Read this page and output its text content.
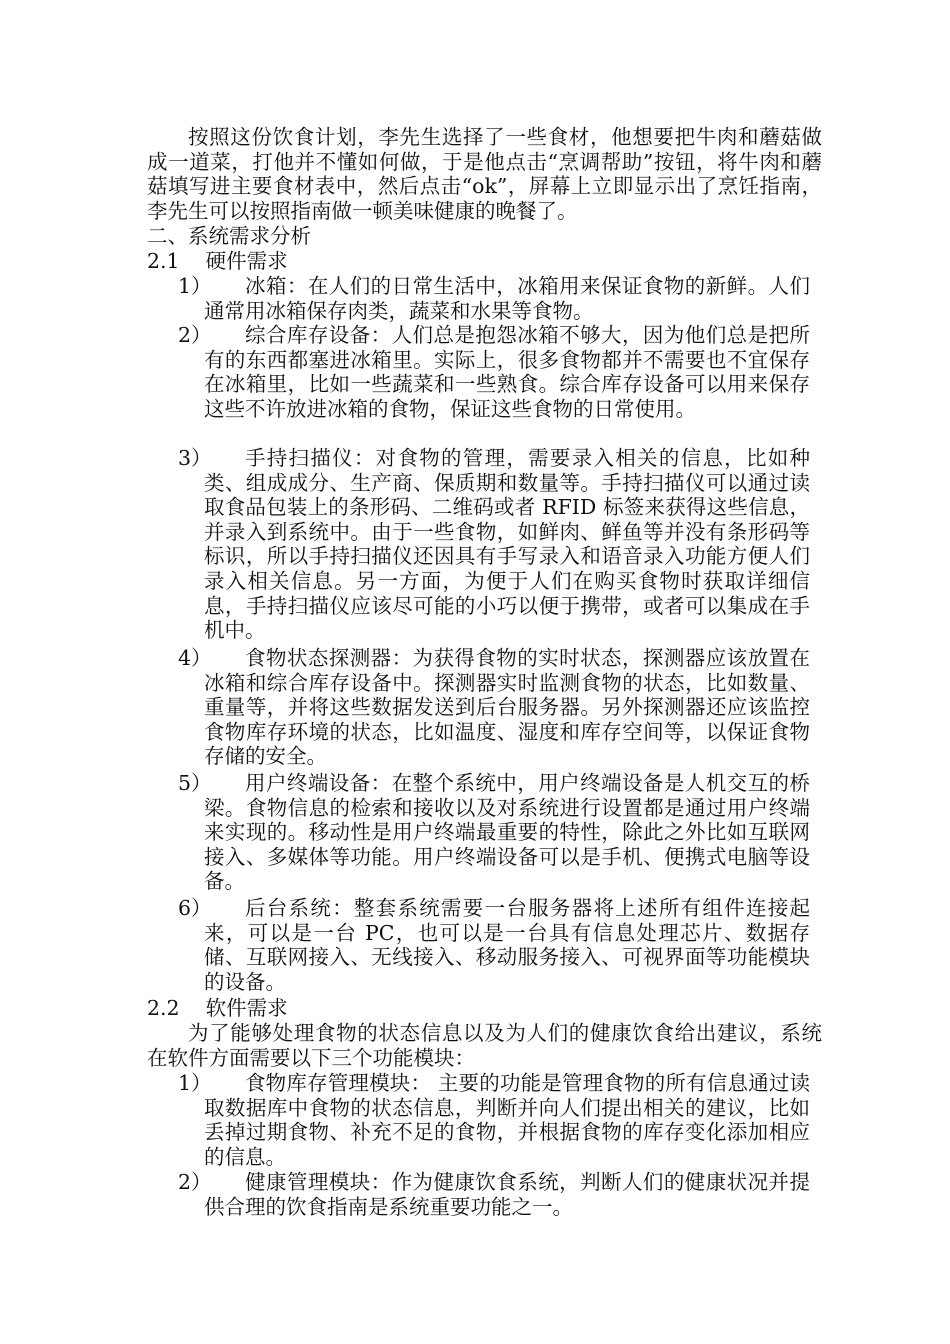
按照这份饮食计划，李先生选择了一些食材，他想要把牛肉和蘑菇做成一道菜，打他并不懂如何做，于是他点击“烹调帮助”按钮，将牛肉和蘑菇填写进主要食材表中，然后点击“ok”，屏幕上立即显示出了烹饪指南，李先生可以按照指南做一顿美味健康的晚餐了。
二、系统需求分析
2.1    硬件需求
1）	冰箱：在人们的日常生活中，冰箱用来保证食物的新鲜。人们通常用冰箱保存肉类，蔬菜和水果等食物。
2）	综合库存设备：人们总是抱怨冰箱不够大，因为他们总是把所有的东西都塞进冰箱里。实际上，很多食物都并不需要也不宜保存在冰箱里，比如一些蔬菜和一些熟食。综合库存设备可以用来保存这些不许放进冰箱的食物，保证这些食物的日常使用。
3）	手持扫描仪：对食物的管理，需要录入相关的信息，比如种类、组成成分、生产商、保质期和数量等。手持扫描仪可以通过读取食品包装上的条形码、二维码或者 RFID 标签来获得这些信息，并录入到系统中。由于一些食物，如鲜肉、鲜鱼等并没有条形码等标识，所以手持扫描仪还因具有手写录入和语音录入功能方便人们录入相关信息。另一方面，为便于人们在购买食物时获取详细信息，手持扫描仪应该尽可能的小巧以便于携带，或者可以集成在手机中。
4）	食物状态探测器：为获得食物的实时状态，探测器应该放置在冰箱和综合库存设备中。探测器实时监测食物的状态，比如数量、重量等，并将这些数据发送到后台服务器。另外探测器还应该监控食物库存环境的状态，比如温度、湿度和库存空间等，以保证食物存储的安全。
5）	用户终端设备：在整个系统中，用户终端设备是人机交互的桥梁。食物信息的检索和接收以及对系统进行设置都是通过用户终端来实现的。移动性是用户终端最重要的特性，除此之外比如互联网接入、多媒体等功能。用户终端设备可以是手机、便携式电脑等设备。
6）	后台系统：整套系统需要一台服务器将上述所有组件连接起来，可以是一台 PC，也可以是一台具有信息处理芯片、数据存储、互联网接入、无线接入、移动服务接入、可视界面等功能模块的设备。
2.2    软件需求
为了能够处理食物的状态信息以及为人们的健康饮食给出建议，系统在软件方面需要以下三个功能模块：
1）	食物库存管理模块： 主要的功能是管理食物的所有信息通过读取数据库中食物的状态信息，判断并向人们提出相关的建议，比如丢掉过期食物、补充不足的食物，并根据食物的库存变化添加相应的信息。
2）	健康管理模块：作为健康饮食系统，判断人们的健康状况并提供合理的饮食指南是系统重要功能之一。
